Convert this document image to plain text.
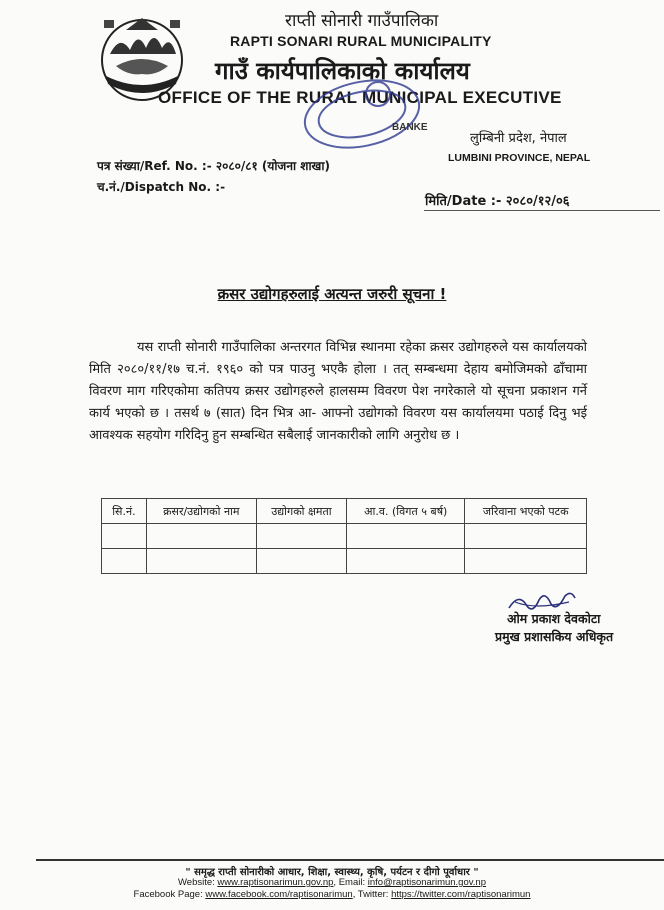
राप्ती सोनारी गाउँपालिका
RAPTI SONARI RURAL MUNICIPALITY
गाउँ कार्यपालिकाको कार्यालय
OFFICE OF THE RURAL MUNICIPAL EXECUTIVE
BANKE
लुम्बिनी प्रदेश, नेपाल
LUMBINI PROVINCE, NEPAL
पत्र संख्या/Ref. No. :- २०८०/८१ (योजना शाखा)
च.नं./Dispatch No. :-
मिति/Date :- २०८०/१२/०६
क्रसर उद्योगहरुलाई अत्यन्त जरुरी सूचना !
यस राप्ती सोनारी गाउँपालिका अन्तरगत विभिन्न स्थानमा रहेका क्रसर उद्योगहरुले यस कार्यालयको मिति २०८०/११/१७ च.नं. १९६० को पत्र पाउनु भएकै होला । तत् सम्बन्धमा देहाय बमोजिमको ढाँचामा विवरण माग गरिएकोमा कतिपय क्रसर उद्योगहरुले हालसम्म विवरण पेश नगरेकाले यो सूचना प्रकाशन गर्ने कार्य भएको छ । तसर्थ ७ (सात) दिन भित्र आ- आफ्नो उद्योगको विवरण यस कार्यालयमा पठाई दिनु भई आवश्यक सहयोग गरिदिनु हुन सम्बन्धित सबैलाई जानकारीको लागि अनुरोध छ ।
सि.नं.	क्रसर/उद्योगको नाम	उद्योगको क्षमता	आ.व. (विगत ५ बर्ष)	जरिवाना भएको पटक

ओम प्रकाश देवकोटा
प्रमुख प्रशासकिय अधिकृत
" समृद्ध राप्ती सोनारीको आधार, शिक्षा, स्वास्थ्य, कृषि, पर्यटन र दीगो पूर्वाधार "
Website: www.raptisonarimun.gov.np, Email: info@raptisonarimun.gov.np
Facebook Page: www.facebook.com/raptisonarimun, Twitter: https://twitter.com/raptisonarimun
